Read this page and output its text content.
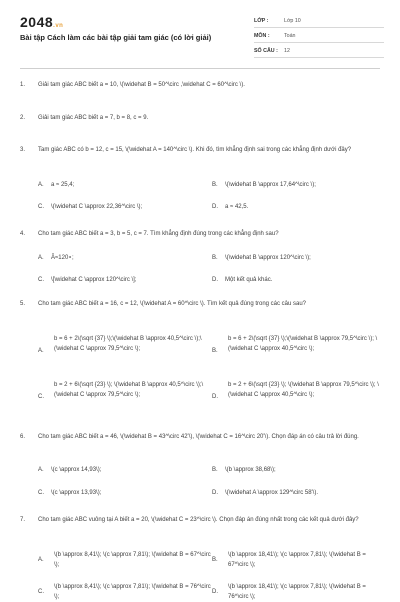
2048.vn
Bài tập Cách làm các bài tập giải tam giác (có lời giải)
LỚP :	Lớp 10
MÔN :	Toán
SỐ CÂU : 12
1. Giải tam giác ABC biết a = 10, \(\widehat B = 50^\circ ,\widehat C = 60^\circ \).
2. Giải tam giác ABC biết a = 7, b = 8, c = 9.
3. Tam giác ABC có b = 12, c = 15, \(\widehat A = 140^\circ \). Khi đó, tìm khẳng định sai trong các khẳng định dưới đây?
A. a ≈ 25,4;	B. \(\widehat B \approx 17,64^\circ \);
C. \(\widehat C \approx 22,36^\circ \);	D. a ≈ 42,5.
4. Cho tam giác ABC biết a = 3, b = 5, c = 7. Tìm khẳng định đúng trong các khẳng định sau?
A. Â≈120∘;	B. \(\widehat B \approx 120^\circ \);
C. \[\widehat C \approx 120^\circ \];	D. Một kết quả khác.
5. Cho tam giác ABC biết a = 16, c = 12, \(\widehat A = 60^\circ \). Tìm kết quả đúng trong các câu sau?
A.
b = 6 + 2\(\sqrt {37} \);\(\widehat B \approx 40,5^\circ \);\(\widehat C \approx 79,5^\circ \);	B.
b = 6 + 2\(\sqrt {37} \);\(\widehat B \approx 79,5^\circ \); \(\widehat C \approx 40,5^\circ \);
C.
b = 2 + 6\(\sqrt {23} \); \(\widehat B \approx 40,5^\circ \);\(\widehat C \approx 79,5^\circ \);	D.
b = 2 + 6\(\sqrt {23} \); \(\widehat B \approx 79,5^\circ \); \(\widehat C \approx 40,5^\circ \);
6. Cho tam giác ABC biết a = 46, \(\widehat B = 43^\circ 42'\), \(\widehat C = 16^\circ 20'\). Chọn đáp án có câu trả lời đúng.
A. \(c \approx 14,93\);	B. \(b \approx 38,68\);
C. \(c \approx 13,93\);	D. \(\widehat A \approx 129^\circ 58'\).
7. Cho tam giác ABC vuông tại A biết a = 20, \(\widehat C = 23^\circ \). Chọn đáp án đúng nhất trong các kết quả dưới đây?
A.
\(b \approx 8,41\); \(c \approx 7,81\); \(\widehat B = 67^\circ \);
B.
\(b \approx 18,41\); \(c \approx 7,81\); \(\widehat B = 67^\circ \);
C.
\(b \approx 8,41\); \(c \approx 7,81\); \(\widehat B = 76^\circ \);
D.
\(b \approx 18,41\); \(c \approx 7,81\); \(\widehat B = 76^\circ \);
